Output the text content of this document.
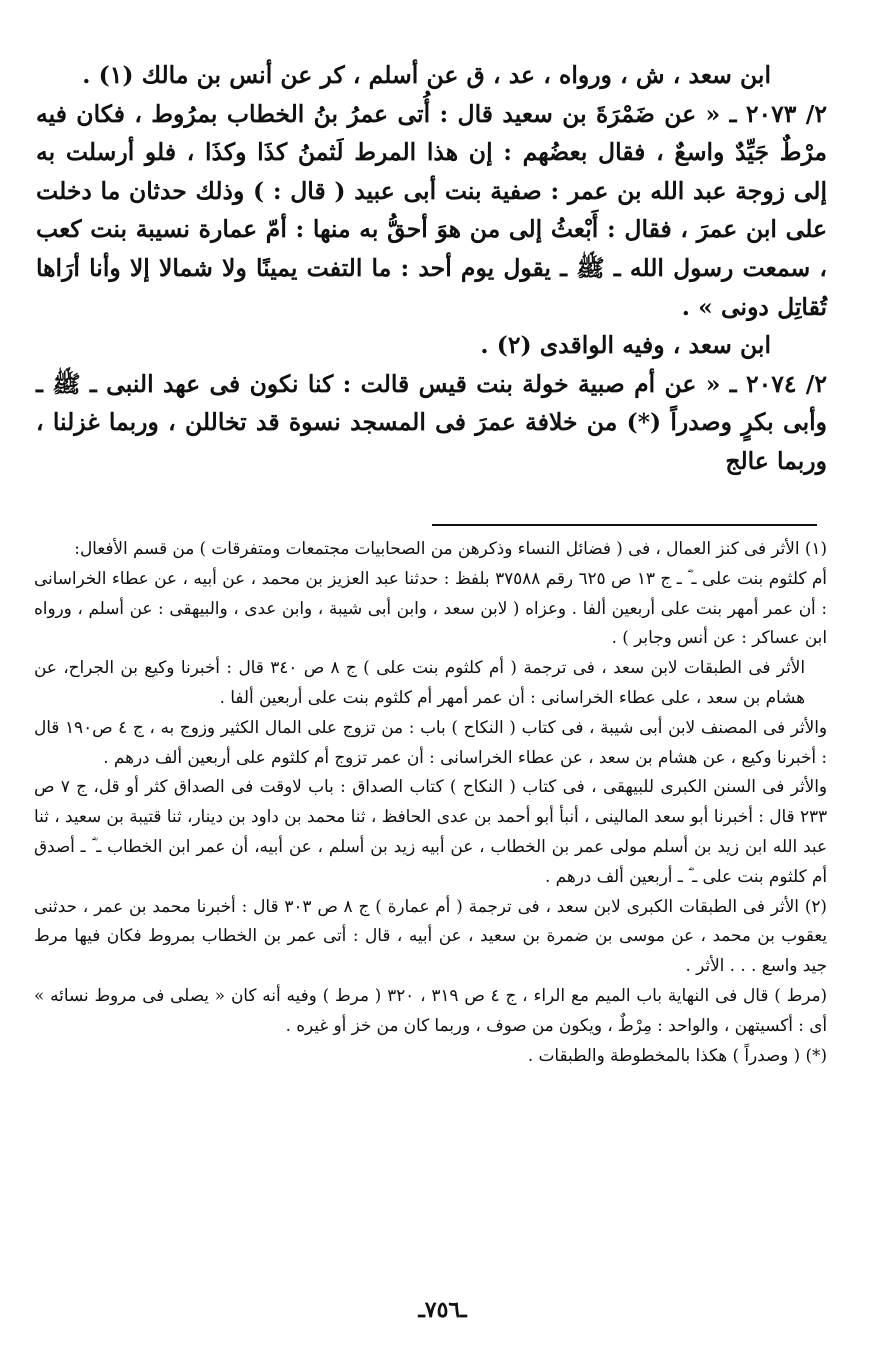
ابن سعد ، ش ، ورواه ، عد ، ق عن أسلم ، كر عن أنس بن مالك (١) .

٢/ ٢٠٧٣ ـ « عن ضَمْرَةَ بن سعيد قال : أُتى عمرُ بنُ الخطاب بمرُوط ، فكان فيه مرْطٌ جَيِّدٌ واسعٌ ، فقال بعضُهم : إن هذا المرط لَثمنُ كذَا وكذَا ، فلو أرسلت به إلى زوجة عبد الله بن عمر : صفية بنت أبى عبيد ( قال : ) وذلك حدثان ما دخلت على ابن عمرَ ، فقال : أَبْعثُ إلى من هوَ أحقُّ به منها : أمّ عمارة نسيبة بنت كعب ، سمعت رسول الله ـ ﷺ ـ يقول يوم أحد : ما التفت يمينًا ولا شمالا إلا وأنا أرَاها تُقاتِل دونى » .

ابن سعد ، وفيه الواقدى (٢) .

٢/ ٢٠٧٤ ـ « عن أم صبية خولة بنت قيس قالت : كنا نكون فى عهد النبى ـ ﷺ ـ وأبى بكرٍ وصدراً (*) من خلافة عمرَ فى المسجد نسوة قد تخاللن ، وربما غزلنا ، وربما عالج

(١) الأثر فى كنز العمال ، فى ( فضائل النساء وذكرهن من الصحابيات مجتمعات ومتفرقات ) من قسم الأفعال:

أم كلثوم بنت على ـ ؓ ـ ج ١٣ ص ٦٢٥ رقم ٣٧٥٨٨ بلفظ : حدثنا عبد العزيز بن محمد ، عن أبيه ، عن عطاء الخراسانى : أن عمر أمهر بنت على أربعين ألفا . وعزاه ( لابن سعد ، وابن أبى شيبة ، وابن عدى ، والبيهقى : عن أسلم ، ورواه ابن عساكر : عن أنس وجابر ) .

الأثر فى الطبقات لابن سعد ، فى ترجمة ( أم كلثوم بنت على ) ج ٨ ص ٣٤٠ قال : أخبرنا وكيع بن الجراح، عن هشام بن سعد ، على عطاء الخراسانى : أن عمر أمهر أم كلثوم بنت على أربعين ألفا .

والأثر فى المصنف لابن أبى شيبة ، فى كتاب ( النكاح ) باب : من تزوج على المال الكثير وزوج به ، ج ٤ ص١٩٠ قال : أخبرنا وكيع ، عن هشام بن سعد ، عن عطاء الخراسانى : أن عمر تزوج أم كلثوم على أربعين ألف درهم .

والأثر فى السنن الكبرى للبيهقى ، فى كتاب ( النكاح ) كتاب الصداق : باب لاوقت فى الصداق كثر أو قل، ج ٧ ص ٢٣٣ قال : أخبرنا أبو سعد المالينى ، أنبأ أبو أحمد بن عدى الحافظ ، ثنا محمد بن داود بن دينار، ثنا قتيبة بن سعيد ، ثنا عبد الله ابن زيد بن أسلم مولى عمر بن الخطاب ، عن أبيه زيد بن أسلم ، عن أبيه، أن عمر ابن الخطاب ـ ؓ ـ أصدق أم كلثوم بنت على ـ ؓ ـ أربعين ألف درهم .

(٢) الأثر فى الطبقات الكبرى لابن سعد ، فى ترجمة ( أم عمارة ) ج ٨ ص ٣٠٣ قال : أخبرنا محمد بن عمر ، حدثنى يعقوب بن محمد ، عن موسى بن ضمرة بن سعيد ، عن أبيه ، قال : أتى عمر بن الخطاب بمروط فكان فيها مرط جيد واسع . . . الأثر .

(مرط ) قال فى النهاية باب الميم مع الراء ، ج ٤ ص ٣١٩ ، ٣٢٠ ( مرط ) وفيه أنه كان « يصلى فى مروط نسائه » أى : أكسيتهن ، والواحد : مِرْطٌ ، ويكون من صوف ، وربما كان من خز أو غيره .

(*) ( وصدراً ) هكذا بالمخطوطة والطبقات .

ـ٧٥٦ـ
